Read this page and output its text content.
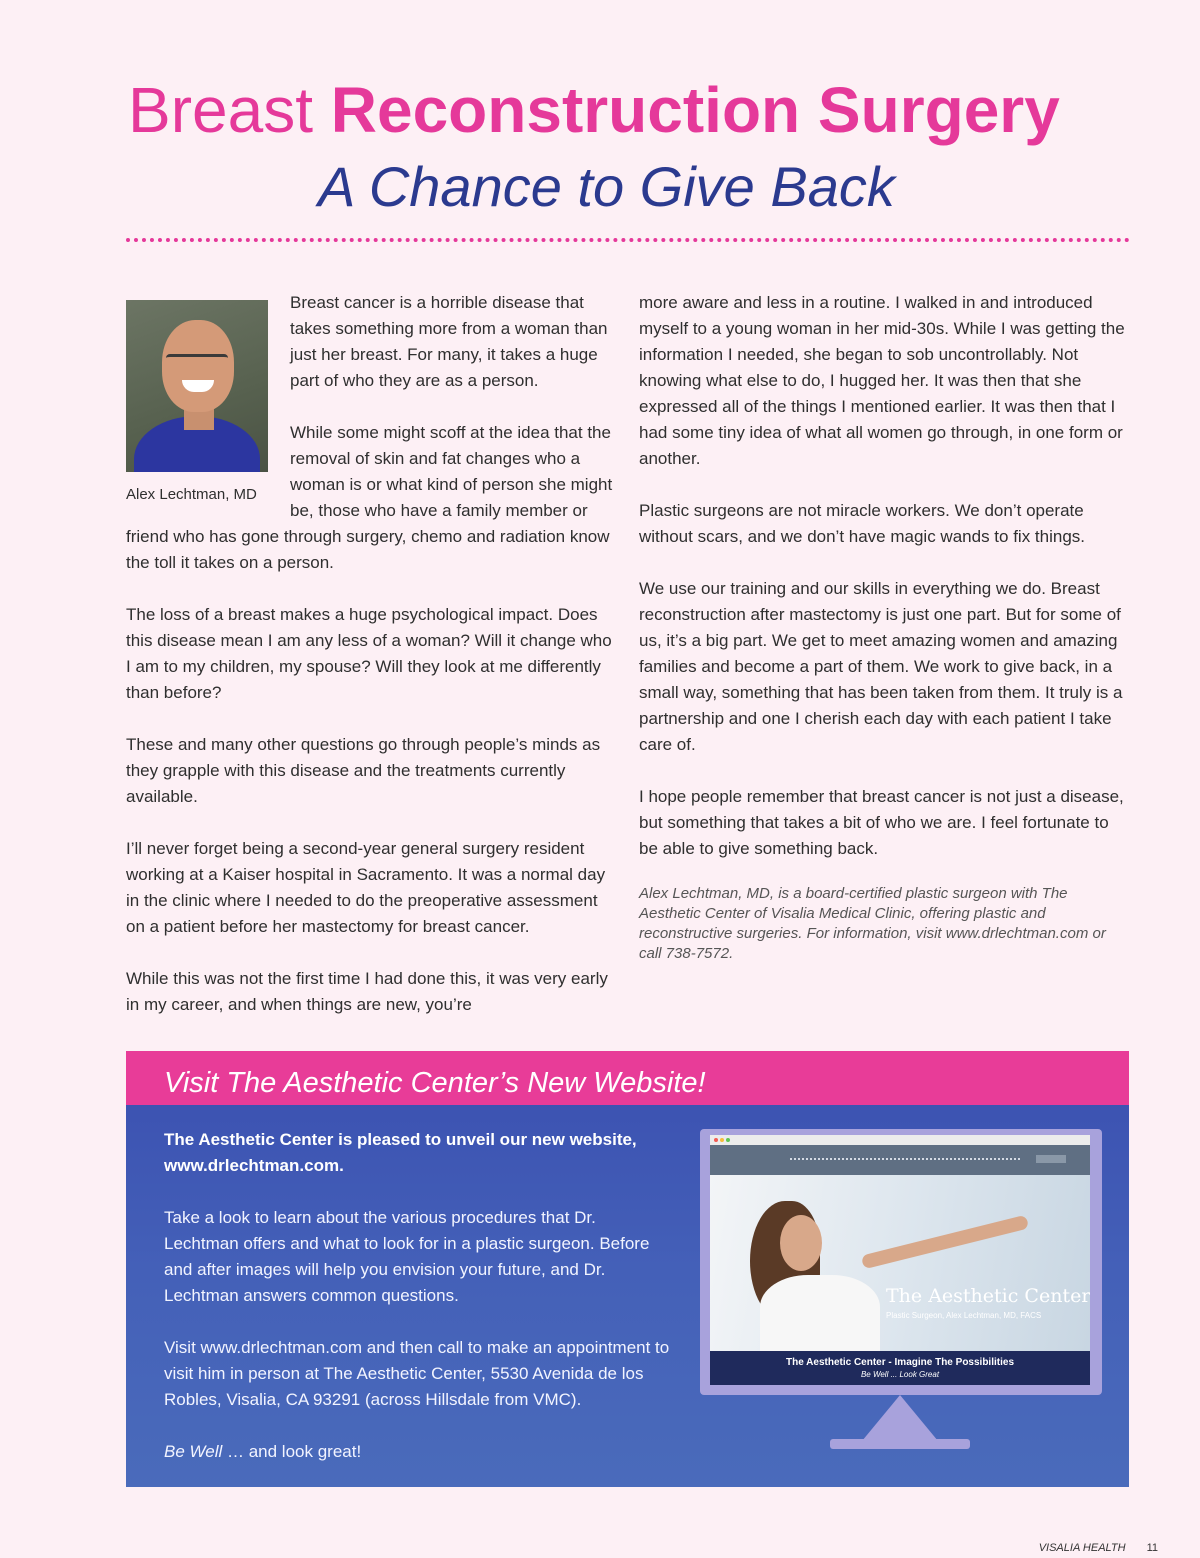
Breast Reconstruction Surgery
A Chance to Give Back
Alex Lechtman, MD

Breast cancer is a horrible disease that takes something more from a woman than just her breast. For many, it takes a huge part of who they are as a person.

While some might scoff at the idea that the removal of skin and fat changes who a woman is or what kind of person she might be, those who have a family member or friend who has gone through surgery, chemo and radiation know the toll it takes on a person.

The loss of a breast makes a huge psychological impact. Does this disease mean I am any less of a woman? Will it change who I am to my children, my spouse? Will they look at me differently than before?

These and many other questions go through people’s minds as they grapple with this disease and the treatments currently available.

I’ll never forget being a second-year general surgery resident working at a Kaiser hospital in Sacramento. It was a normal day in the clinic where I needed to do the preoperative assessment on a patient before her mastectomy for breast cancer.

While this was not the first time I had done this, it was very early in my career, and when things are new, you’re

more aware and less in a routine. I walked in and introduced myself to a young woman in her mid-30s. While I was getting the information I needed, she began to sob uncontrollably. Not knowing what else to do, I hugged her. It was then that she expressed all of the things I mentioned earlier. It was then that I had some tiny idea of what all women go through, in one form or another.

Plastic surgeons are not miracle workers. We don’t operate without scars, and we don’t have magic wands to fix things.

We use our training and our skills in everything we do. Breast reconstruction after mastectomy is just one part. But for some of us, it’s a big part. We get to meet amazing women and amazing families and become a part of them. We work to give back, in a small way, something that has been taken from them. It truly is a partnership and one I cherish each day with each patient I take care of.

I hope people remember that breast cancer is not just a disease, but something that takes a bit of who we are. I feel fortunate to be able to give something back.

Alex Lechtman, MD, is a board-certified plastic surgeon with The Aesthetic Center of Visalia Medical Clinic, offering plastic and reconstructive surgeries. For information, visit www.drlechtman.com or call 738-7572.
Visit The Aesthetic Center’s New Website!

The Aesthetic Center is pleased to unveil our new website, www.drlechtman.com.

Take a look to learn about the various procedures that Dr. Lechtman offers and what to look for in a plastic surgeon. Before and after images will help you envision your future, and Dr. Lechtman answers common questions.

Visit www.drlechtman.com and then call to make an appointment to visit him in person at The Aesthetic Center, 5530 Avenida de los Robles, Visalia, CA 93291 (across Hillsdale from VMC).

Be Well … and look great!

The Aesthetic Center
Plastic Surgeon, Alex Lechtman, MD, FACS
The Aesthetic Center - Imagine The Possibilities
Be Well ... Look Great
VISALIA HEALTH 11
